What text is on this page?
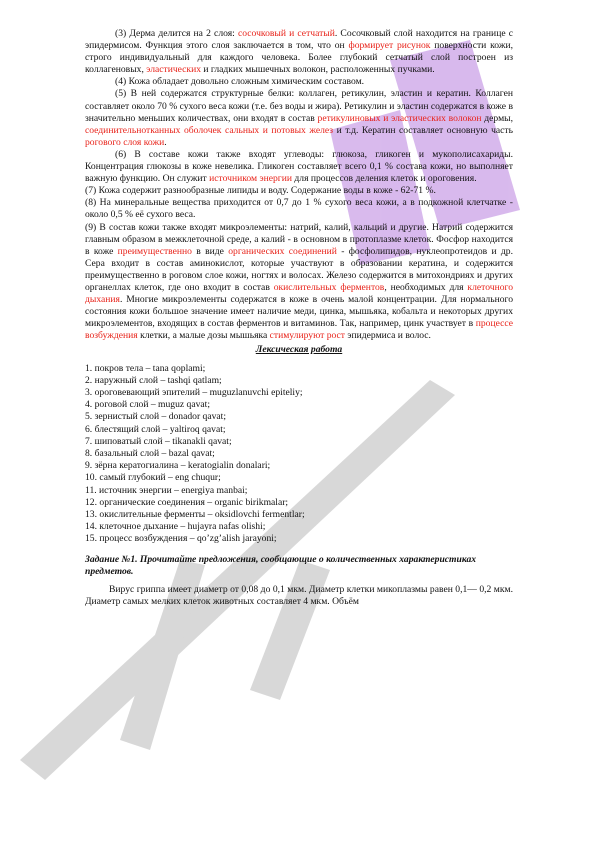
(3) Дерма делится на 2 слоя: сосочковый и сетчатый. Сосочковый слой находится на границе с эпидермисом. Функция этого слоя заключается в том, что он формирует рисунок поверхности кожи, строго индивидуальный для каждого человека. Более глубокий сетчатый слой построен из коллагеновых, эластических и гладких мышечных волокон, расположенных пучками.

(4) Кожа обладает довольно сложным химическим составом.

(5) В ней содержатся структурные белки: коллаген, ретикулин, эластин и кератин. Коллаген составляет около 70 % сухого веса кожи (т.е. без воды и жира). Ретикулин и эластин содержатся в коже в значительно меньших количествах, они входят в состав ретикулиновых и эластических волокон дермы, соединительнотканных оболочек сальных и потовых желез и т.д. Кератин составляет основную часть рогового слоя кожи.

(6) В составе кожи также входят углеводы: глюкоза, гликоген и мукополисахариды. Концентрация глюкозы в коже невелика. Гликоген составляет всего 0,1 % состава кожи, но выполняет важную функцию. Он служит источником энергии для процессов деления клеток и ороговения.

(7) Кожа содержит разнообразные липиды и воду. Содержание воды в коже - 62-71 %.

(8) На минеральные вещества приходится от 0,7 до 1 % сухого веса кожи, а в подкожной клетчатке - около 0,5 % её сухого веса.

(9) В состав кожи также входят микроэлементы: натрий, калий, кальций и другие. Натрий содержится главным образом в межклеточной среде, а калий - в основном в протоплазме клеток. Фосфор находится в коже преимущественно в виде органических соединений - фосфолипидов, нуклеопротеидов и др. Сера входит в состав аминокислот, которые участвуют в образовании кератина, и содержится преимущественно в роговом слое кожи, ногтях и волосах. Железо содержится в митохондриях и других органеллах клеток, где оно входит в состав окислительных ферментов, необходимых для клеточного дыхания. Многие микроэлементы содержатся в коже в очень малой концентрации. Для нормального состояния кожи большое значение имеет наличие меди, цинка, мышьяка, кобальта и некоторых других микроэлементов, входящих в состав ферментов и витаминов. Так, например, цинк участвует в процессе возбуждения клетки, а малые дозы мышьяка стимулируют рост эпидермиса и волос.

Лексическая работа
1. покров тела – tana qoplami;
2. наружный слой – tashqi qatlam;
3. ороговевающий эпителий – muguzlanuvchi epiteliy;
4. роговой слой – muguz qavat;
5. зернистый слой – donador qavat;
6. блестящий слой – yaltiroq qavat;
7. шиповатый слой – tikanakli qavat;
8. базальный слой – bazal qavat;
9. зёрна кератогиалина – keratogialin donalari;
10. самый глубокий – eng chuqur;
11. источник энергии – energiya manbai;
12. органические соединения – organic birikmalar;
13. окислительные ферменты – oksidlovchi fermentlar;
14. клеточное дыхание – hujayra nafas olishi;
15. процесс возбуждения – qo’zg’alish jarayoni;

Задание №1. Прочитайте предложения, сообщающие о количественных характеристиках предметов.

Вирус гриппа имеет диаметр от 0,08 до 0,1 мкм. Диаметр клетки микоплазмы равен 0,1— 0,2 мкм. Диаметр самых мелких клеток животных составляет 4 мкм. Объём
